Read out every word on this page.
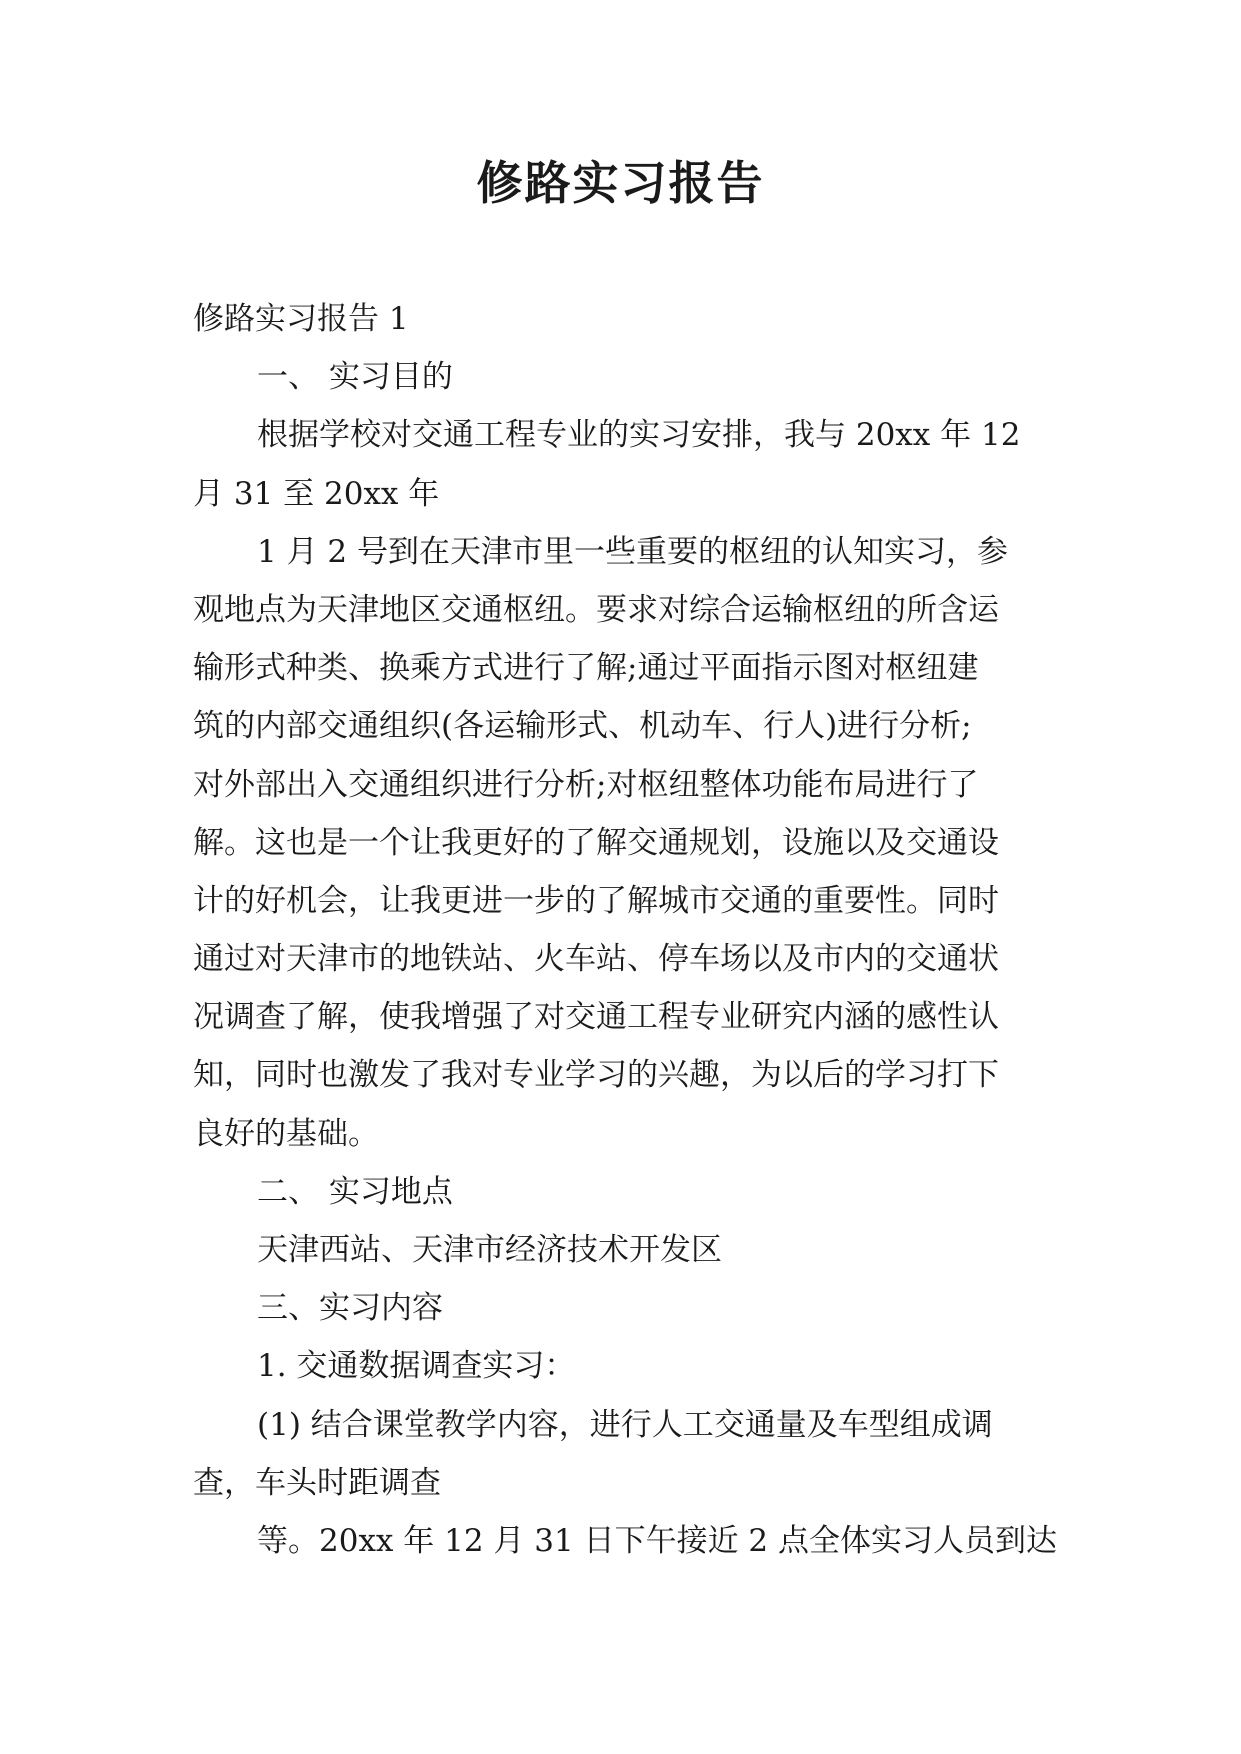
修路实习报告
修路实习报告 1
一、 实习目的
根据学校对交通工程专业的实习安排，我与 20xx 年 12
月 31 至 20xx 年
1 月 2 号到在天津市里一些重要的枢纽的认知实习，参
观地点为天津地区交通枢纽。要求对综合运输枢纽的所含运
输形式种类、换乘方式进行了解;通过平面指示图对枢纽建
筑的内部交通组织(各运输形式、机动车、行人)进行分析;
对外部出入交通组织进行分析;对枢纽整体功能布局进行了
解。这也是一个让我更好的了解交通规划，设施以及交通设
计的好机会，让我更进一步的了解城市交通的重要性。同时
通过对天津市的地铁站、火车站、停车场以及市内的交通状
况调查了解，使我增强了对交通工程专业研究内涵的感性认
知，同时也激发了我对专业学习的兴趣，为以后的学习打下
良好的基础。
二、 实习地点
天津西站、天津市经济技术开发区
三、实习内容
1. 交通数据调查实习：
(1) 结合课堂教学内容，进行人工交通量及车型组成调
查，车头时距调查
等。20xx 年 12 月 31 日下午接近 2 点全体实习人员到达
